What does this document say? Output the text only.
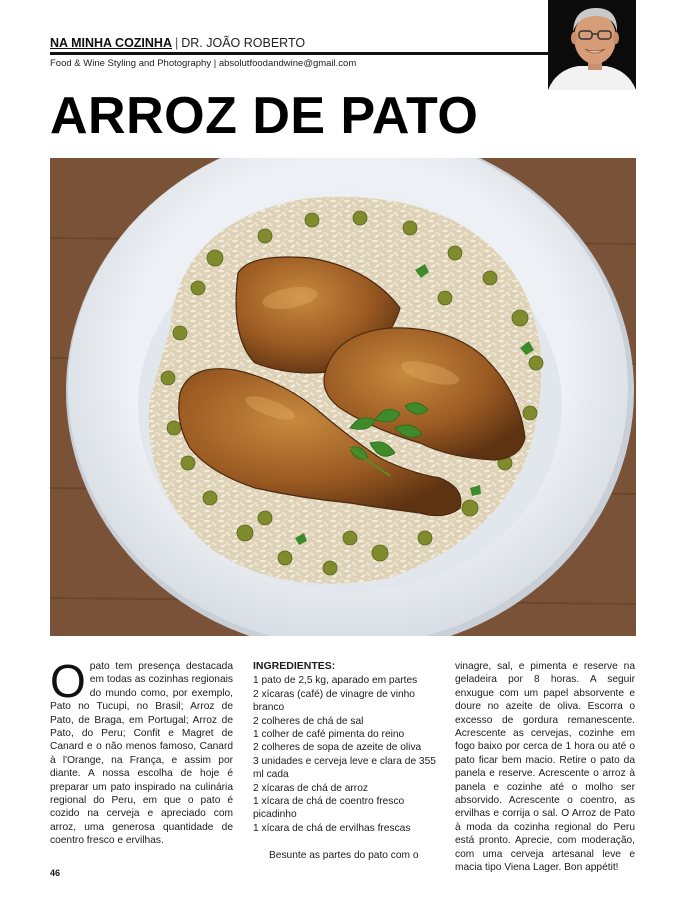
NA MINHA COZINHA | DR. JOÃO ROBERTO
Food & Wine Styling and Photography | absolutfoodandwine@gmail.com
ARROZ DE PATO

O pato tem presença destacada em todas as cozinhas regionais do mundo como, por exemplo, Pato no Tucupi, no Brasil; Arroz de Pato, de Braga, em Portugal; Arroz de Pato, do Peru; Confit e Magret de Canard e o não menos famoso, Canard à l'Orange, na França, e assim por diante. A nossa escolha de hoje é preparar um pato inspirado na culinária regional do Peru, em que o pato é cozido na cerveja e apreciado com arroz, uma generosa quantidade de coentro fresco e ervilhas.

INGREDIENTES:
1 pato de 2,5 kg, aparado em partes
2 xícaras (café) de vinagre de vinho branco
2 colheres de chá de sal
1 colher de café pimenta do reino
2 colheres de sopa de azeite de oliva
3 unidades e cerveja leve e clara de 355 ml cada
2 xícaras de chá de arroz
1 xícara de chá de coentro fresco picadinho
1 xícara de chá de ervilhas frescas

Besunte as partes do pato com o

vinagre, sal, e pimenta e reserve na geladeira por 8 horas. A seguir enxugue com um papel absorvente e doure no azeite de oliva. Escorra o excesso de gordura remanescente. Acrescente as cervejas, cozinhe em fogo baixo por cerca de 1 hora ou até o pato ficar bem macio. Retire o pato da panela e reserve. Acrescente o arroz à panela e cozinhe até o molho ser absorvido. Acrescente o coentro, as ervilhas e corrija o sal. O Arroz de Pato à moda da cozinha regional do Peru está pronto. Aprecie, com moderação, com uma cerveja artesanal leve e macia tipo Viena Lager. Bon appétit!

46
